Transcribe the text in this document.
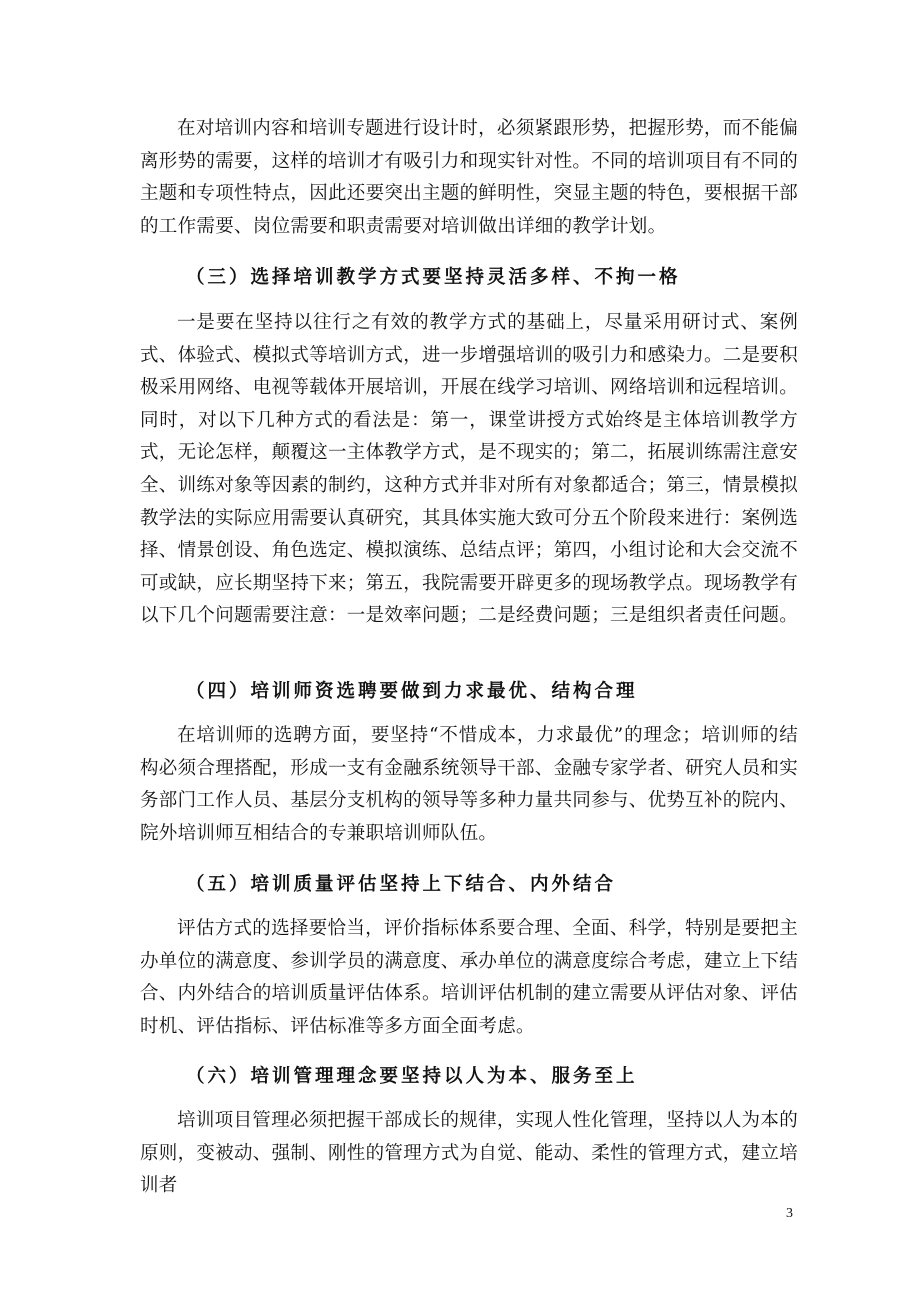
在对培训内容和培训专题进行设计时，必须紧跟形势，把握形势，而不能偏离形势的需要，这样的培训才有吸引力和现实针对性。不同的培训项目有不同的主题和专项性特点，因此还要突出主题的鲜明性，突显主题的特色，要根据干部的工作需要、岗位需要和职责需要对培训做出详细的教学计划。

（三）选择培训教学方式要坚持灵活多样、不拘一格

一是要在坚持以往行之有效的教学方式的基础上，尽量采用研讨式、案例式、体验式、模拟式等培训方式，进一步增强培训的吸引力和感染力。二是要积极采用网络、电视等载体开展培训，开展在线学习培训、网络培训和远程培训。同时，对以下几种方式的看法是：第一，课堂讲授方式始终是主体培训教学方式，无论怎样，颠覆这一主体教学方式，是不现实的；第二，拓展训练需注意安全、训练对象等因素的制约，这种方式并非对所有对象都适合；第三，情景模拟教学法的实际应用需要认真研究，其具体实施大致可分五个阶段来进行：案例选择、情景创设、角色选定、模拟演练、总结点评；第四，小组讨论和大会交流不可或缺，应长期坚持下来；第五，我院需要开辟更多的现场教学点。现场教学有以下几个问题需要注意：一是效率问题；二是经费问题；三是组织者责任问题。

（四）培训师资选聘要做到力求最优、结构合理

在培训师的选聘方面，要坚持“不惜成本，力求最优”的理念；培训师的结构必须合理搭配，形成一支有金融系统领导干部、金融专家学者、研究人员和实务部门工作人员、基层分支机构的领导等多种力量共同参与、优势互补的院内、院外培训师互相结合的专兼职培训师队伍。

（五）培训质量评估坚持上下结合、内外结合

评估方式的选择要恰当，评价指标体系要合理、全面、科学，特别是要把主办单位的满意度、参训学员的满意度、承办单位的满意度综合考虑，建立上下结合、内外结合的培训质量评估体系。培训评估机制的建立需要从评估对象、评估时机、评估指标、评估标准等多方面全面考虑。

（六）培训管理理念要坚持以人为本、服务至上

培训项目管理必须把握干部成长的规律，实现人性化管理，坚持以人为本的原则，变被动、强制、刚性的管理方式为自觉、能动、柔性的管理方式，建立培训者

3
